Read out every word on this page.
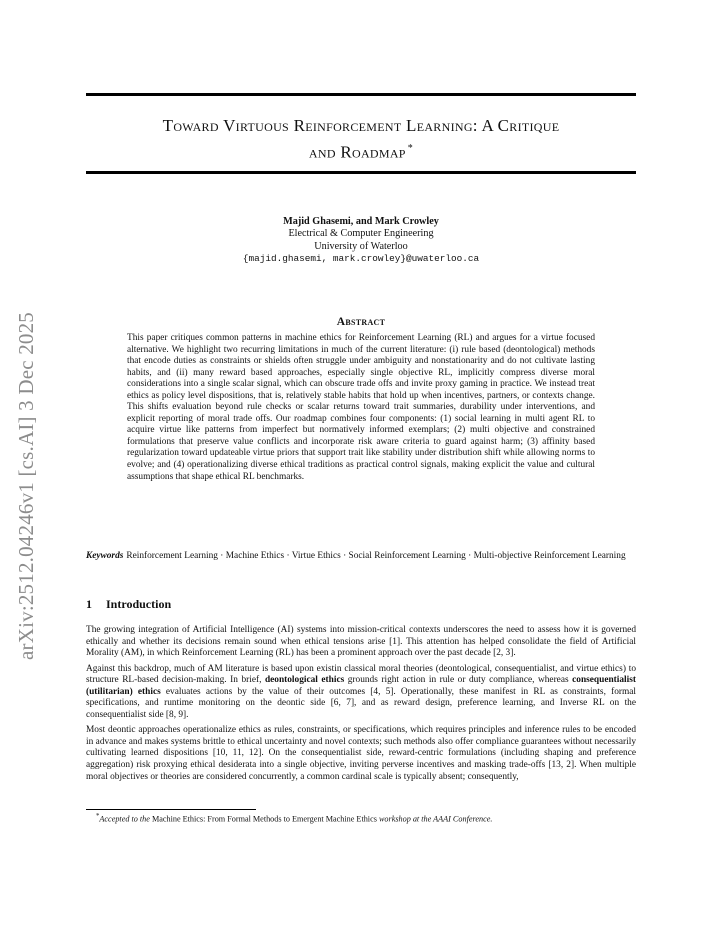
arXiv:2512.04246v1 [cs.AI] 3 Dec 2025
Toward Virtuous Reinforcement Learning: A Critique
and Roadmap *
Majid Ghasemi, and Mark Crowley
Electrical & Computer Engineering
University of Waterloo
{majid.ghasemi, mark.crowley}@uwaterloo.ca
Abstract
This paper critiques common patterns in machine ethics for Reinforcement Learning (RL) and argues for a virtue focused alternative. We highlight two recurring limitations in much of the current literature: (i) rule based (deontological) methods that encode duties as constraints or shields often struggle under ambiguity and nonstationarity and do not cultivate lasting habits, and (ii) many reward based approaches, especially single objective RL, implicitly compress diverse moral considerations into a single scalar signal, which can obscure trade offs and invite proxy gaming in practice. We instead treat ethics as policy level dispositions, that is, relatively stable habits that hold up when incentives, partners, or contexts change. This shifts evaluation beyond rule checks or scalar returns toward trait summaries, durability under interventions, and explicit reporting of moral trade offs. Our roadmap combines four components: (1) social learning in multi agent RL to acquire virtue like patterns from imperfect but normatively informed exemplars; (2) multi objective and constrained formulations that preserve value conflicts and incorporate risk aware criteria to guard against harm; (3) affinity based regularization toward updateable virtue priors that support trait like stability under distribution shift while allowing norms to evolve; and (4) operationalizing diverse ethical traditions as practical control signals, making explicit the value and cultural assumptions that shape ethical RL benchmarks.
Keywords Reinforcement Learning · Machine Ethics · Virtue Ethics · Social Reinforcement Learning · Multi-objective Reinforcement Learning
1 Introduction

The growing integration of Artificial Intelligence (AI) systems into mission-critical contexts underscores the need to assess how it is governed ethically and whether its decisions remain sound when ethical tensions arise [1]. This attention has helped consolidate the field of Artificial Morality (AM), in which Reinforcement Learning (RL) has been a prominent approach over the past decade [2, 3].

Against this backdrop, much of AM literature is based upon existin classical moral theories (deontological, consequentialist, and virtue ethics) to structure RL-based decision-making. In brief, deontological ethics grounds right action in rule or duty compliance, whereas consequentialist (utilitarian) ethics evaluates actions by the value of their outcomes [4, 5]. Operationally, these manifest in RL as constraints, formal specifications, and runtime monitoring on the deontic side [6, 7], and as reward design, preference learning, and Inverse RL on the consequentialist side [8, 9].

Most deontic approaches operationalize ethics as rules, constraints, or specifications, which requires principles and inference rules to be encoded in advance and makes systems brittle to ethical uncertainty and novel contexts; such methods also offer compliance guarantees without necessarily cultivating learned dispositions [10, 11, 12]. On the consequentialist side, reward-centric formulations (including shaping and preference aggregation) risk proxying ethical desiderata into a single objective, inviting perverse incentives and masking trade-offs [13, 2]. When multiple moral objectives or theories are considered concurrently, a common cardinal scale is typically absent; consequently,

*Accepted to the Machine Ethics: From Formal Methods to Emergent Machine Ethics workshop at the AAAI Conference.
